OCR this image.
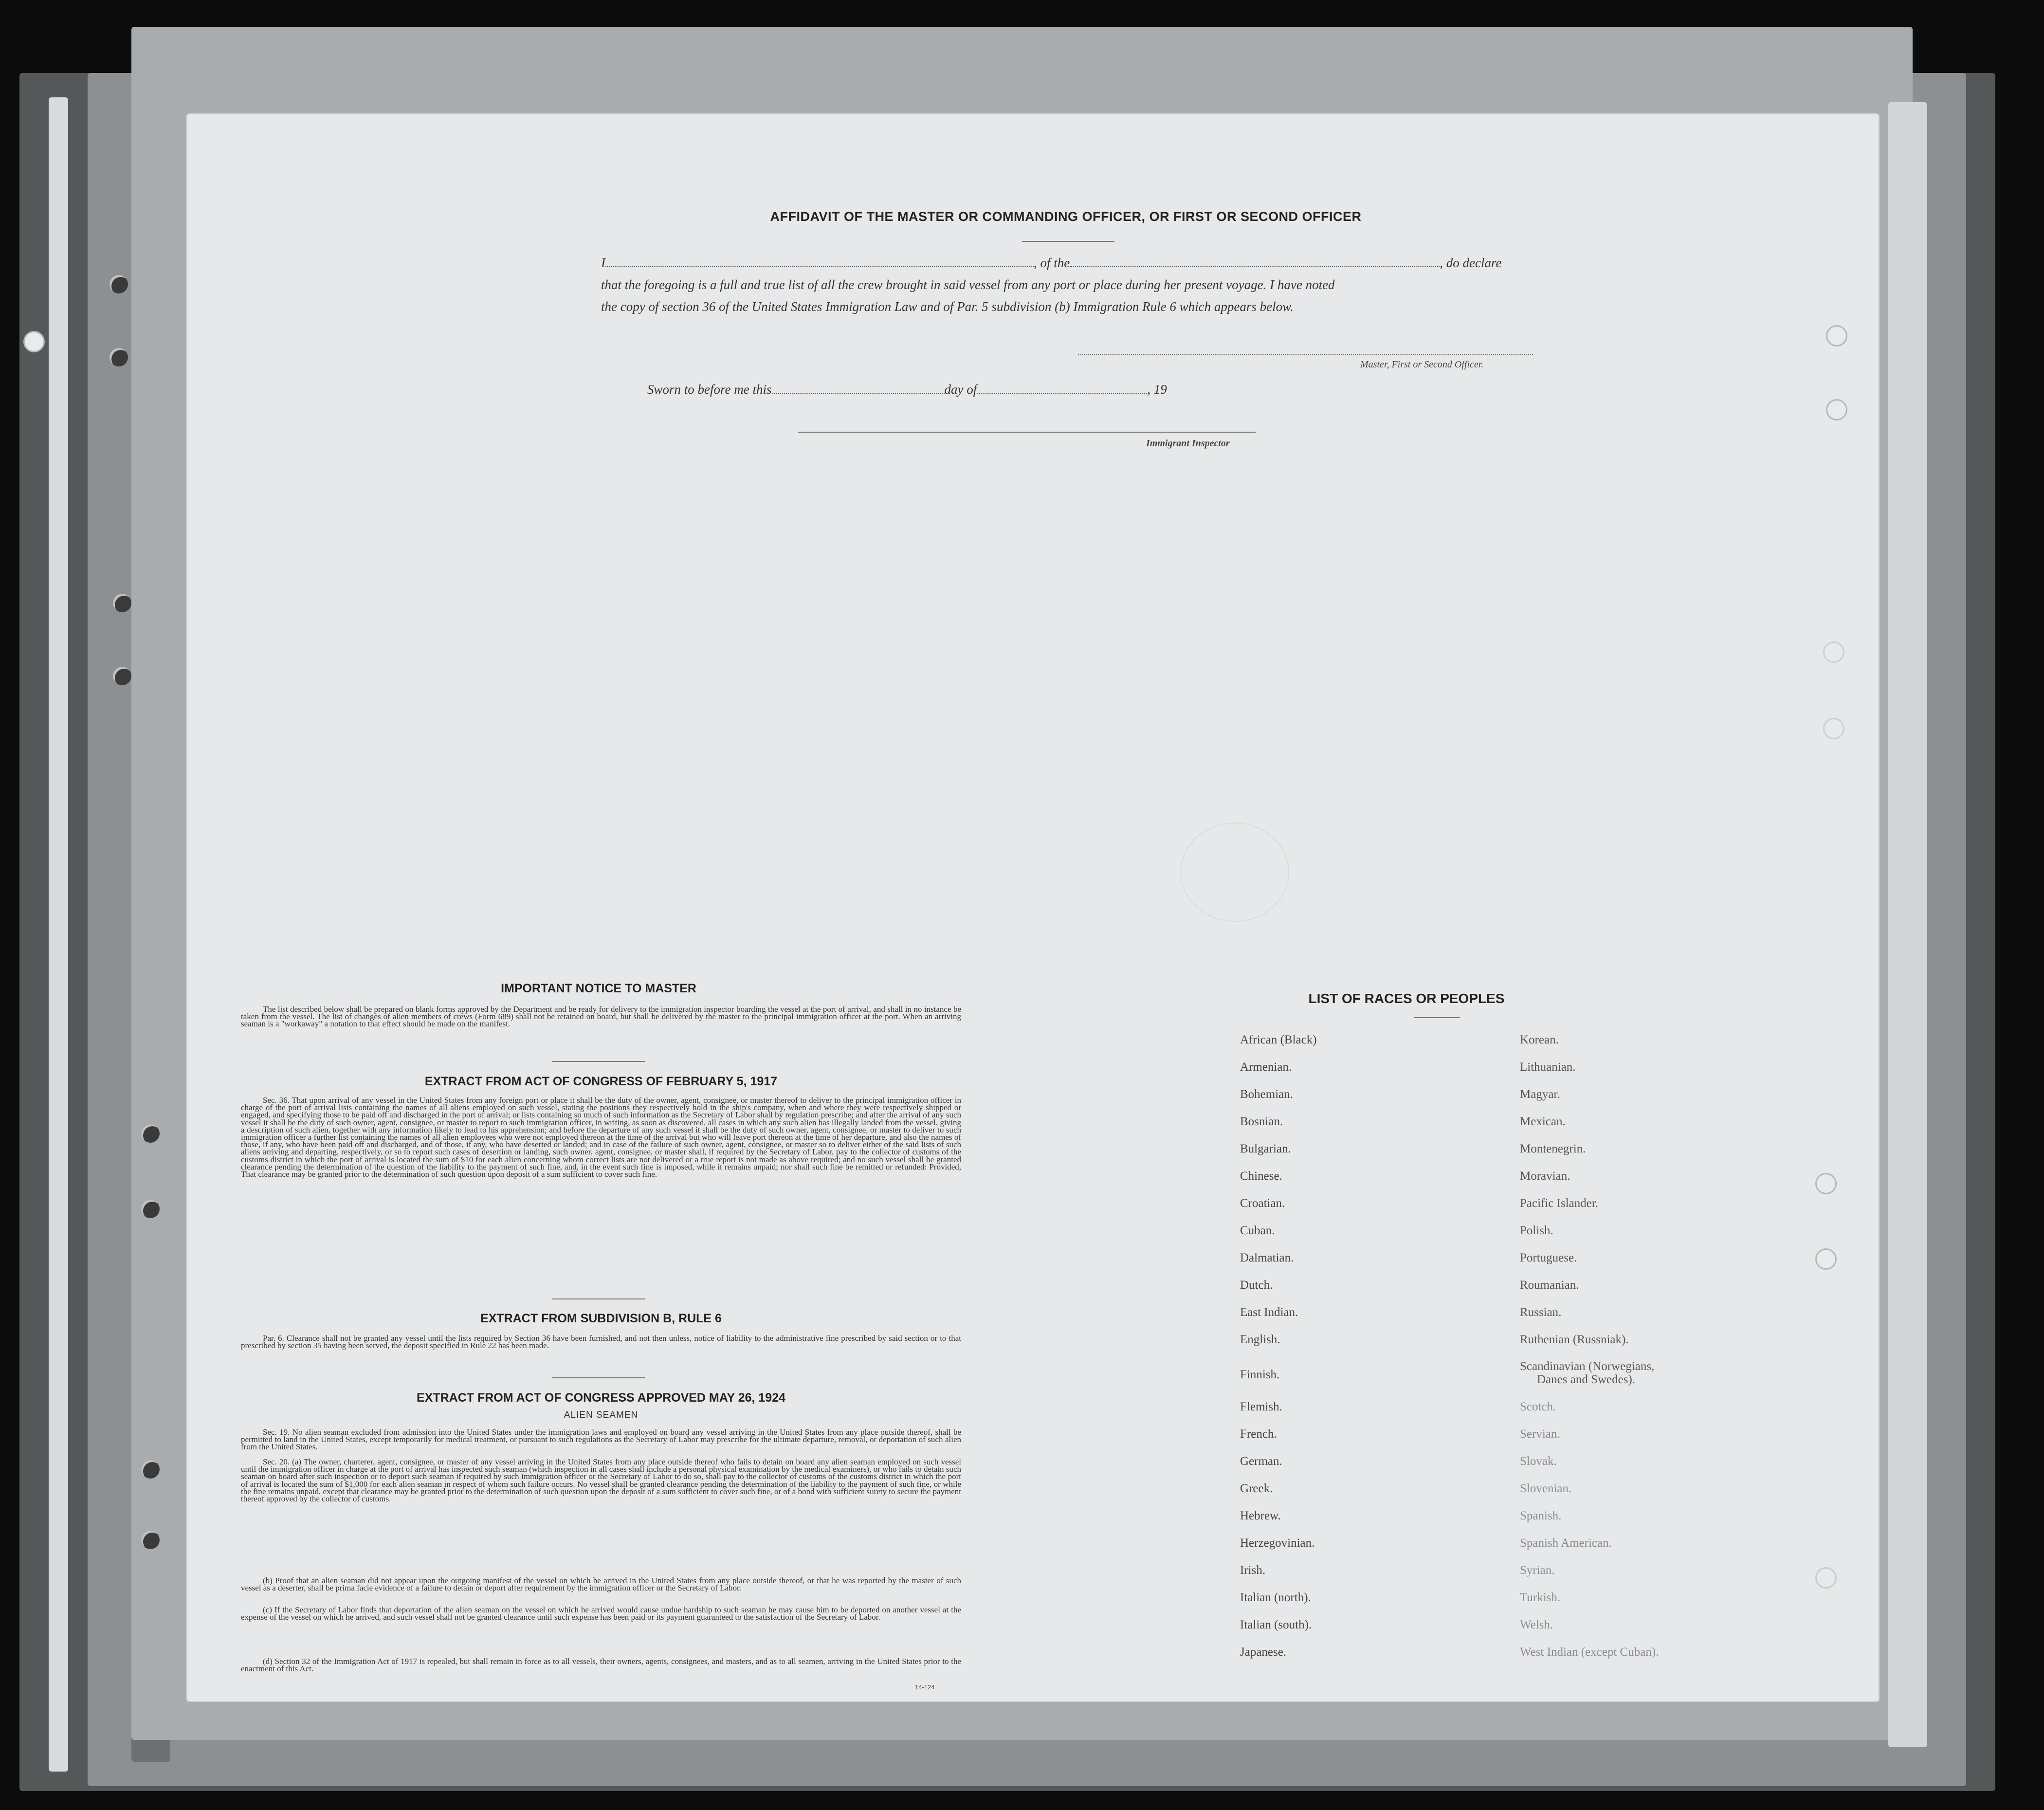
AFFIDAVIT OF THE MASTER OR COMMANDING OFFICER, OR FIRST OR SECOND OFFICER
I	, of the	, do declare
that the foregoing is a full and true list of all the crew brought in said vessel from any port or place during her present voyage. I have noted
the copy of section 36 of the United States Immigration Law and of Par. 5 subdivision (b) Immigration Rule 6 which appears below.
Master, First or Second Officer.
Sworn to before me this	day of	, 19
Immigrant Inspector
IMPORTANT NOTICE TO MASTER
The list described below shall be prepared on blank forms approved by the Department and be ready for delivery to the immigration inspector boarding the vessel at the port of arrival, and shall in no instance be taken from the vessel. The list of changes of alien members of crews (Form 689) shall not be retained on board, but shall be delivered by the master to the principal immigration officer at the port. When an arriving seaman is a "workaway" a notation to that effect should be made on the manifest.
EXTRACT FROM ACT OF CONGRESS OF FEBRUARY 5, 1917
Sec. 36. That upon arrival of any vessel in the United States from any foreign port or place it shall be the duty of the owner, agent, consignee, or master thereof to deliver to the principal immigration officer in charge of the port of arrival lists containing the names of all aliens employed on such vessel, stating the positions they respectively hold in the ship's company, when and where they were respectively shipped or engaged, and specifying those to be paid off and discharged in the port of arrival; or lists containing so much of such information as the Secretary of Labor shall by regulation prescribe; and after the arrival of any such vessel it shall be the duty of such owner, agent, consignee, or master to report to such immigration officer, in writing, as soon as discovered, all cases in which any such alien has illegally landed from the vessel, giving a description of such alien, together with any information likely to lead to his apprehension; and before the departure of any such vessel it shall be the duty of such owner, agent, consignee, or master to deliver to such immigration officer a further list containing the names of all alien employees who were not employed thereon at the time of the arrival but who will leave port thereon at the time of her departure, and also the names of those, if any, who have been paid off and discharged, and of those, if any, who have deserted or landed; and in case of the failure of such owner, agent, consignee, or master so to deliver either of the said lists of such aliens arriving and departing, respectively, or so to report such cases of desertion or landing, such owner, agent, consignee, or master shall, if required by the Secretary of Labor, pay to the collector of customs of the customs district in which the port of arrival is located the sum of $10 for each alien concerning whom correct lists are not delivered or a true report is not made as above required; and no such vessel shall be granted clearance pending the determination of the question of the liability to the payment of such fine, and, in the event such fine is imposed, while it remains unpaid; nor shall such fine be remitted or refunded: Provided, That clearance may be granted prior to the determination of such question upon deposit of a sum sufficient to cover such fine.
EXTRACT FROM SUBDIVISION B, RULE 6
Par. 6. Clearance shall not be granted any vessel until the lists required by Section 36 have been furnished, and not then unless, notice of liability to the administrative fine prescribed by said section or to that prescribed by section 35 having been served, the deposit specified in Rule 22 has been made.
EXTRACT FROM ACT OF CONGRESS APPROVED MAY 26, 1924
ALIEN SEAMEN
Sec. 19. No alien seaman excluded from admission into the United States under the immigration laws and employed on board any vessel arriving in the United States from any place outside thereof, shall be permitted to land in the United States, except temporarily for medical treatment, or pursuant to such regulations as the Secretary of Labor may prescribe for the ultimate departure, removal, or deportation of such alien from the United States.
Sec. 20. (a) The owner, charterer, agent, consignee, or master of any vessel arriving in the United States from any place outside thereof who fails to detain on board any alien seaman employed on such vessel until the immigration officer in charge at the port of arrival has inspected such seaman (which inspection in all cases shall include a personal physical examination by the medical examiners), or who fails to detain such seaman on board after such inspection or to deport such seaman if required by such immigration officer or the Secretary of Labor to do so, shall pay to the collector of customs of the customs district in which the port of arrival is located the sum of $1,000 for each alien seaman in respect of whom such failure occurs. No vessel shall be granted clearance pending the determination of the liability to the payment of such fine, or while the fine remains unpaid, except that clearance may be granted prior to the determination of such question upon the deposit of a sum sufficient to cover such fine, or of a bond with sufficient surety to secure the payment thereof approved by the collector of customs.
(b) Proof that an alien seaman did not appear upon the outgoing manifest of the vessel on which he arrived in the United States from any place outside thereof, or that he was reported by the master of such vessel as a deserter, shall be prima facie evidence of a failure to detain or deport after requirement by the immigration officer or the Secretary of Labor.
(c) If the Secretary of Labor finds that deportation of the alien seaman on the vessel on which he arrived would cause undue hardship to such seaman he may cause him to be deported on another vessel at the expense of the vessel on which he arrived, and such vessel shall not be granted clearance until such expense has been paid or its payment guaranteed to the satisfaction of the Secretary of Labor.
(d) Section 32 of the Immigration Act of 1917 is repealed, but shall remain in force as to all vessels, their owners, agents, consignees, and masters, and as to all seamen, arriving in the United States prior to the enactment of this Act.
14-124
LIST OF RACES OR PEOPLES
African (Black)
Armenian.
Bohemian.
Bosnian.
Bulgarian.
Chinese.
Croatian.
Cuban.
Dalmatian.
Dutch.
East Indian.
English.
Finnish.
Flemish.
French.
German.
Greek.
Hebrew.
Herzegovinian.
Irish.
Italian (north).
Italian (south).
Japanese.
Korean.
Lithuanian.
Magyar.
Mexican.
Montenegrin.
Moravian.
Pacific Islander.
Polish.
Portuguese.
Roumanian.
Russian.
Ruthenian (Russniak).
Scandinavian (Norwegians,
Danes and Swedes).
Scotch.
Servian.
Slovak.
Slovenian.
Spanish.
Spanish American.
Syrian.
Turkish.
Welsh.
West Indian (except Cuban).
